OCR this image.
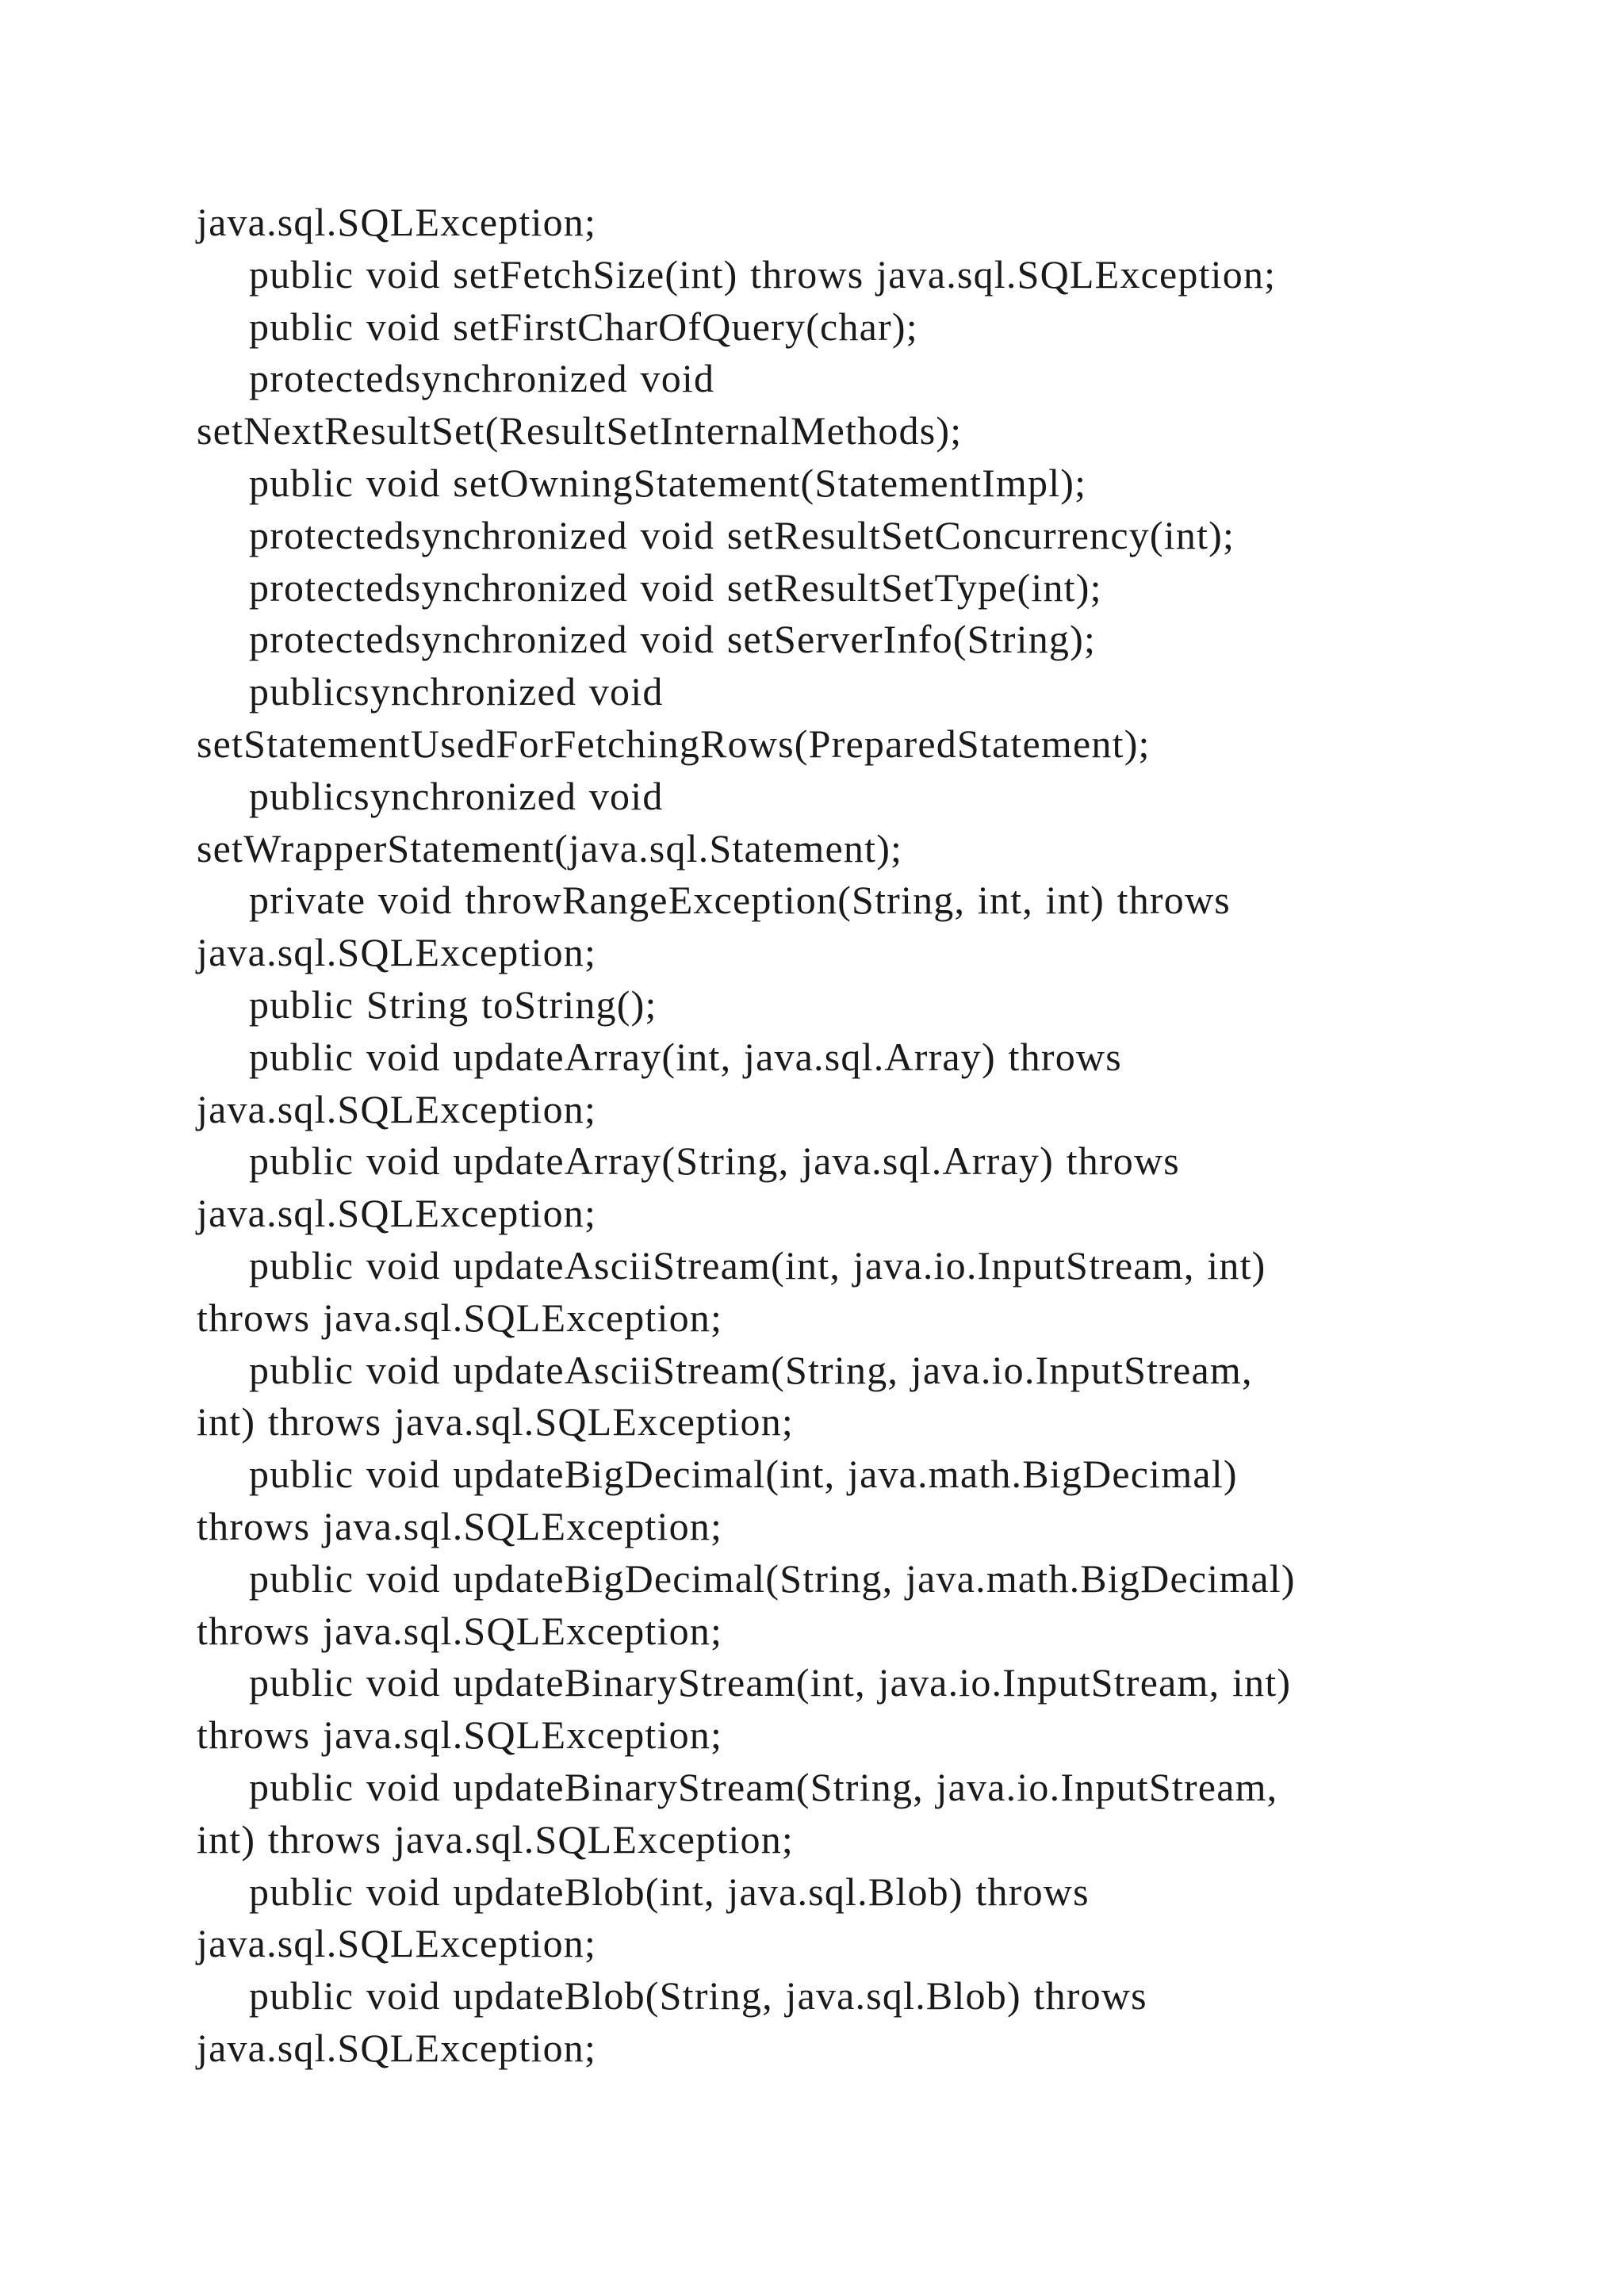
java.sql.SQLException;
public void setFetchSize(int) throws java.sql.SQLException;
public void setFirstCharOfQuery(char);
protectedsynchronized void
setNextResultSet(ResultSetInternalMethods);
public void setOwningStatement(StatementImpl);
protectedsynchronized void setResultSetConcurrency(int);
protectedsynchronized void setResultSetType(int);
protectedsynchronized void setServerInfo(String);
publicsynchronized void
setStatementUsedForFetchingRows(PreparedStatement);
publicsynchronized void
setWrapperStatement(java.sql.Statement);
private void throwRangeException(String, int, int) throws
java.sql.SQLException;
public String toString();
public void updateArray(int, java.sql.Array) throws
java.sql.SQLException;
public void updateArray(String, java.sql.Array) throws
java.sql.SQLException;
public void updateAsciiStream(int, java.io.InputStream, int)
throws java.sql.SQLException;
public void updateAsciiStream(String, java.io.InputStream,
int) throws java.sql.SQLException;
public void updateBigDecimal(int, java.math.BigDecimal)
throws java.sql.SQLException;
public void updateBigDecimal(String, java.math.BigDecimal)
throws java.sql.SQLException;
public void updateBinaryStream(int, java.io.InputStream, int)
throws java.sql.SQLException;
public void updateBinaryStream(String, java.io.InputStream,
int) throws java.sql.SQLException;
public void updateBlob(int, java.sql.Blob) throws
java.sql.SQLException;
public void updateBlob(String, java.sql.Blob) throws
java.sql.SQLException;
